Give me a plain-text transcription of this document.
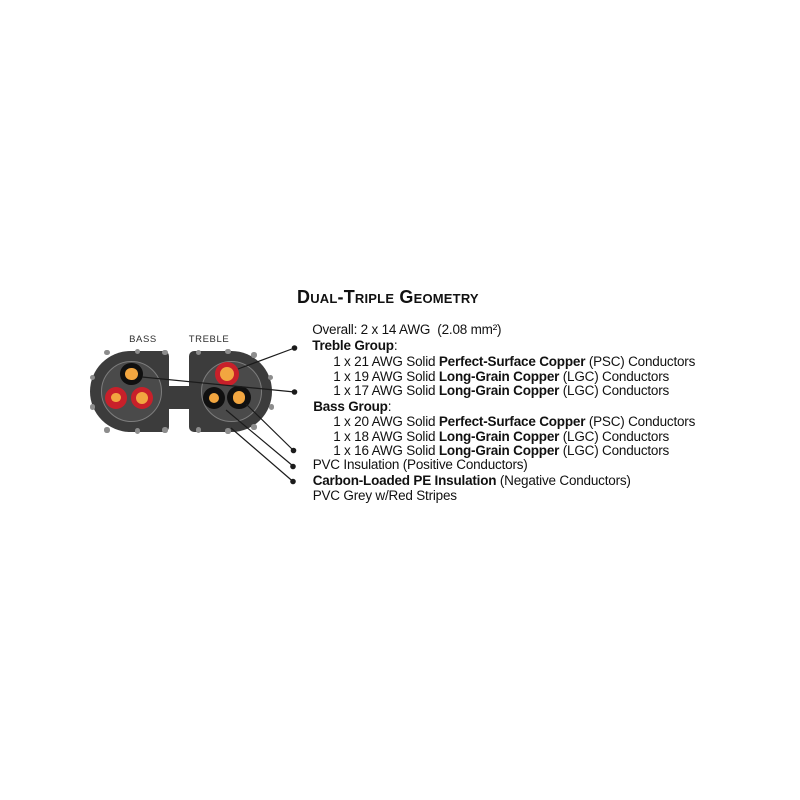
BASS	TREBLE
Dual-Triple Geometry

Overall: 2 x 14 AWG  (2.08 mm²)

Treble Group:

1 x 21 AWG Solid Perfect-Surface Copper (PSC) Conductors

1 x 19 AWG Solid Long-Grain Copper (LGC) Conductors

1 x 17 AWG Solid Long-Grain Copper (LGC) Conductors

Bass Group:

1 x 20 AWG Solid Perfect-Surface Copper (PSC) Conductors

1 x 18 AWG Solid Long-Grain Copper (LGC) Conductors

1 x 16 AWG Solid Long-Grain Copper (LGC) Conductors

PVC Insulation (Positive Conductors)

Carbon-Loaded PE Insulation (Negative Conductors)

PVC Grey w/Red Stripes
